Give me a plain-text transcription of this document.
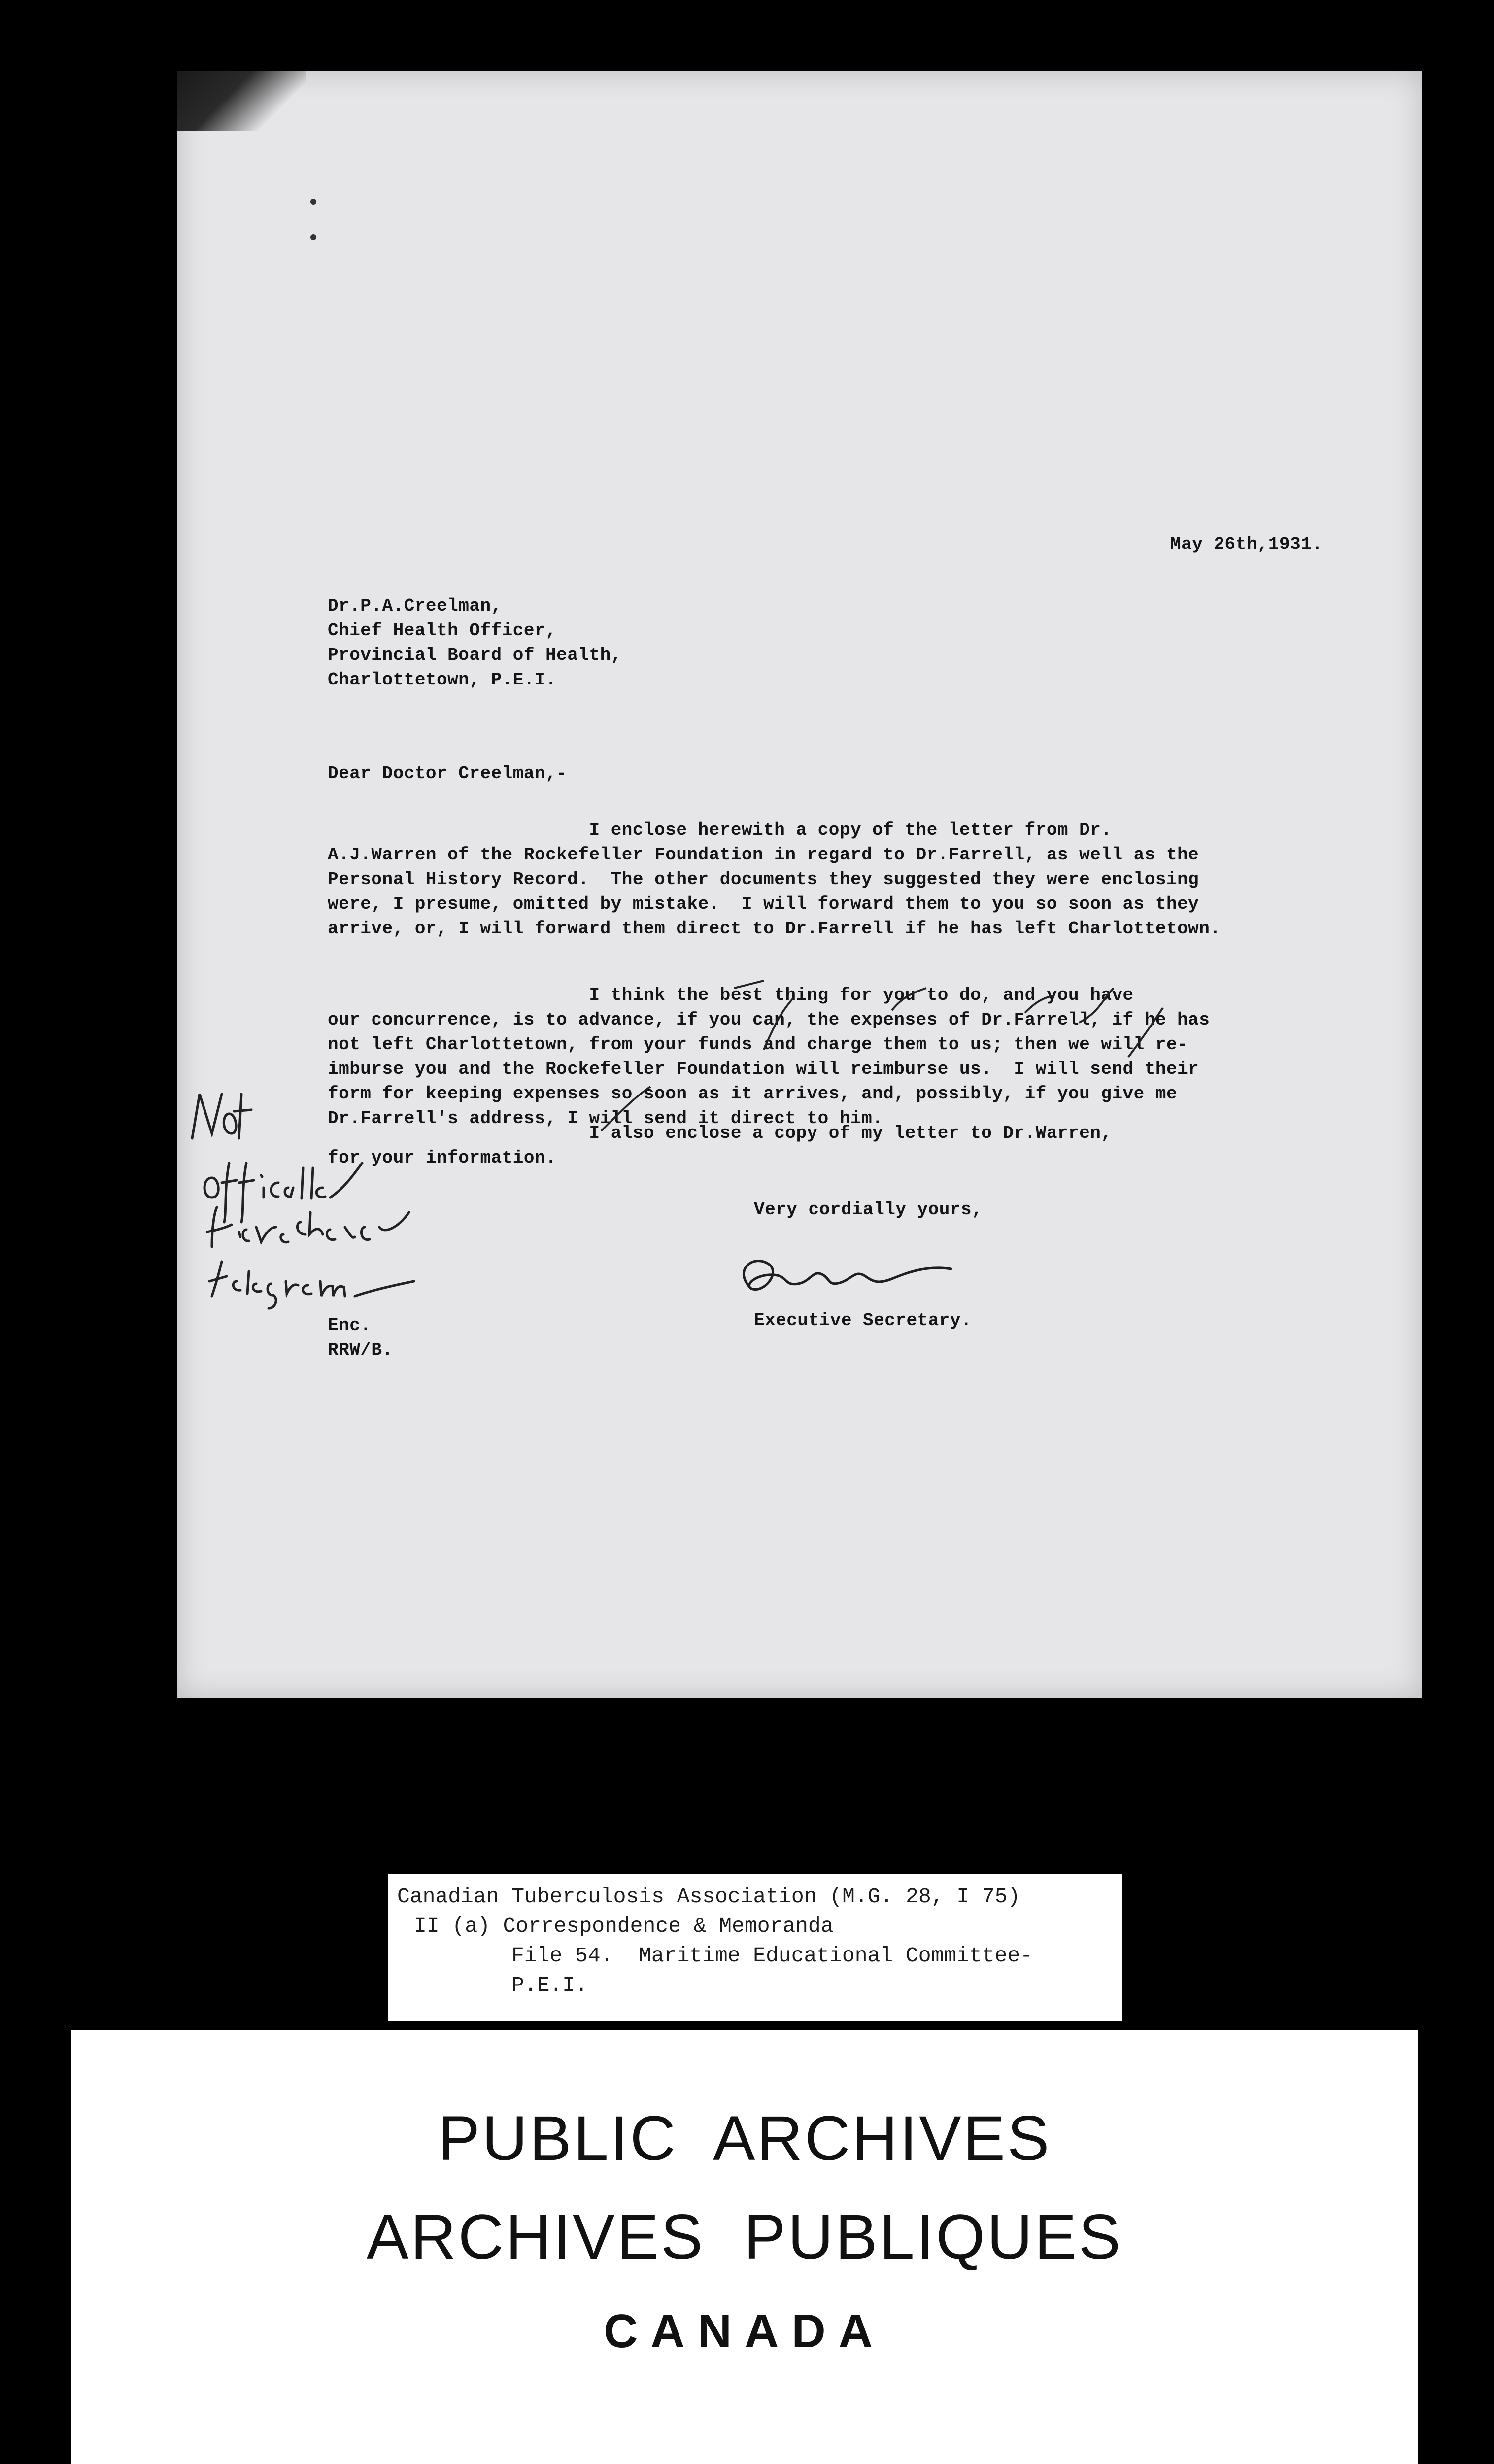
May 26th,1931.
Dr.P.A.Creelman,
Chief Health Officer,
Provincial Board of Health,
Charlottetown, P.E.I.
Dear Doctor Creelman,-
I enclose herewith a copy of the letter from Dr.
A.J.Warren of the Rockefeller Foundation in regard to Dr.Farrell, as well as the
Personal History Record.  The other documents they suggested they were enclosing
were, I presume, omitted by mistake.  I will forward them to you so soon as they
arrive, or, I will forward them direct to Dr.Farrell if he has left Charlottetown.
I think the best thing for you to do, and you have
our concurrence, is to advance, if you can, the expenses of Dr.Farrell, if he has
not left Charlottetown, from your funds and charge them to us; then we will re-
imburse you and the Rockefeller Foundation will reimburse us.  I will send their
form for keeping expenses so soon as it arrives, and, possibly, if you give me
Dr.Farrell's address, I will send it direct to him.
I also enclose a copy of my letter to Dr.Warren,
for your information.
Very cordially yours,
Executive Secretary.
Enc.
RRW/B.
Canadian Tuberculosis Association (M.G. 28, I 75)
II (a) Correspondence & Memoranda
File 54.  Maritime Educational Committee-
P.E.I.
PUBLIC  ARCHIVES
ARCHIVES  PUBLIQUES
CANADA
